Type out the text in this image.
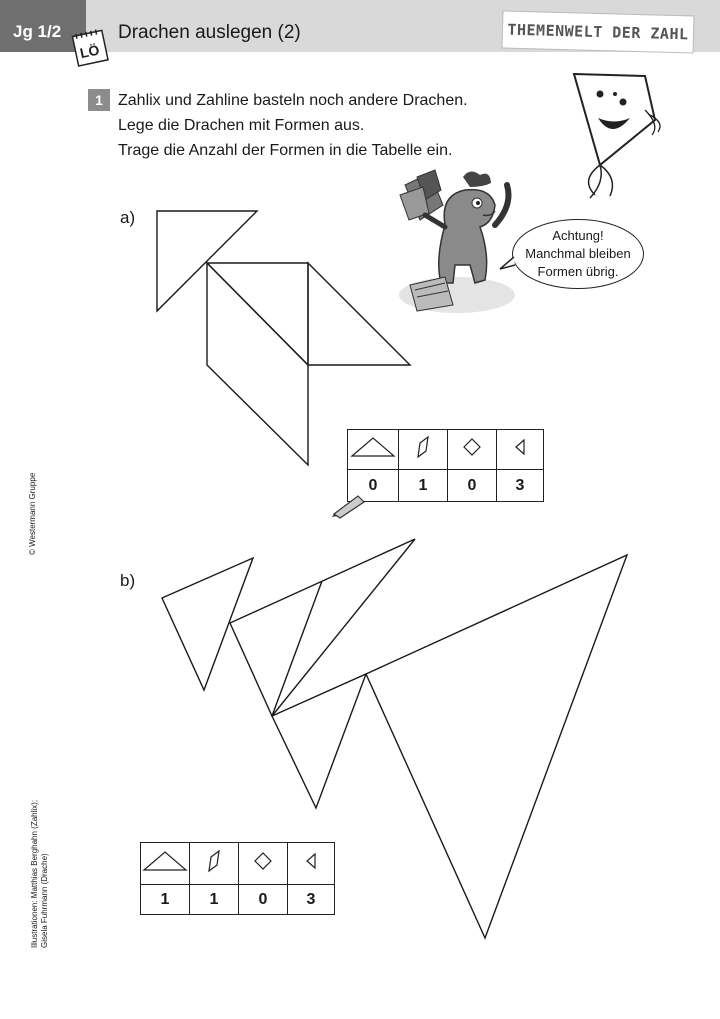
Jg 1/2
LÖ
Drachen auslegen (2)	THEMENWELT DER ZAHL
1 Zahlix und Zahline basteln noch andere Drachen.
Lege die Drachen mit Formen aus.
Trage die Anzahl der Formen in die Tabelle ein.
Achtung!
Manchmal bleiben
Formen übrig.
a)

0	1	0	3
b)

1	1	0	3
© Westermann Gruppe
Illustrationen: Matthias Berghahn (Zahlix); Gisela Fuhrmann (Drache)
